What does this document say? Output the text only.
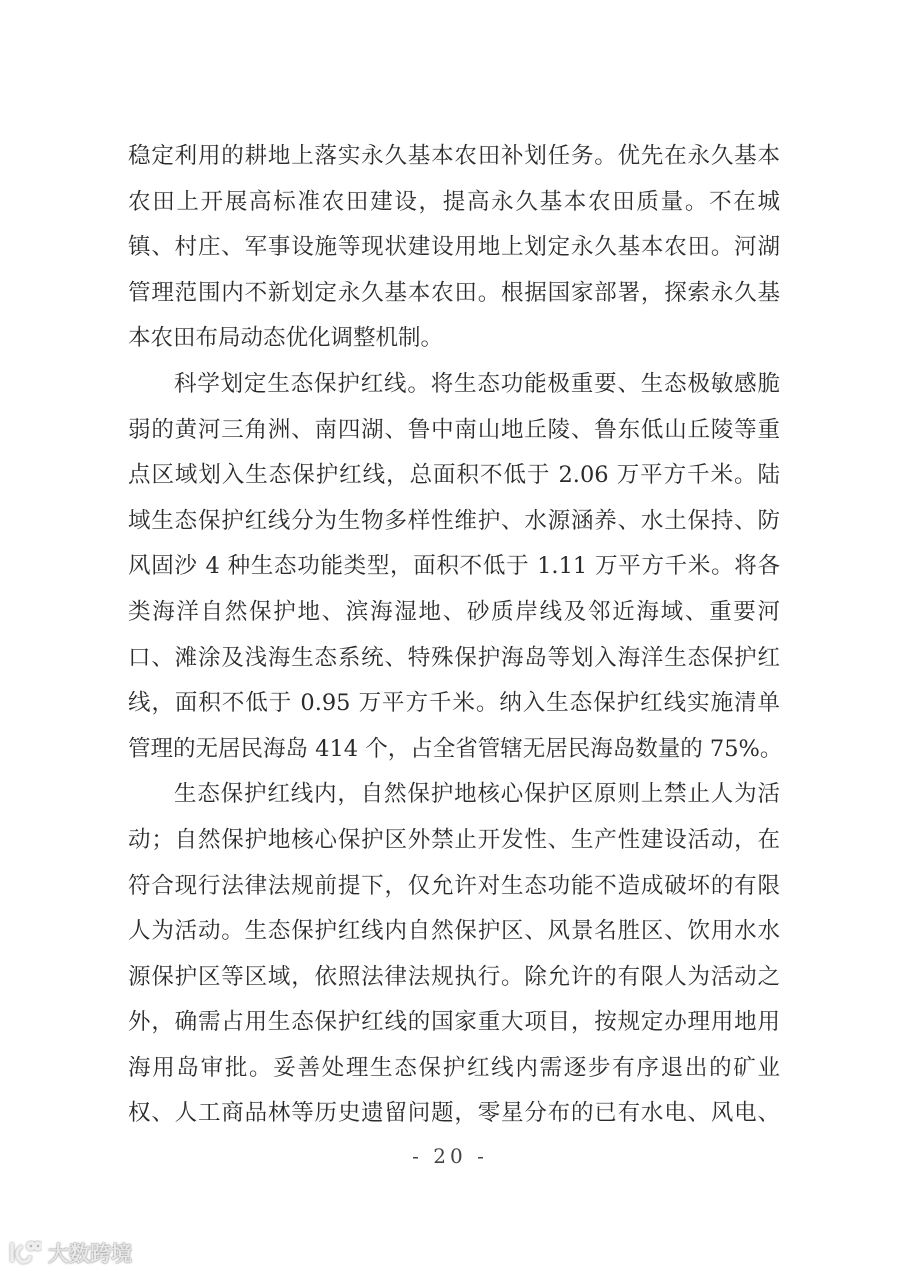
稳定利用的耕地上落实永久基本农田补划任务。优先在永久基本
农田上开展高标准农田建设，提高永久基本农田质量。不在城
镇、村庄、军事设施等现状建设用地上划定永久基本农田。河湖
管理范围内不新划定永久基本农田。根据国家部署，探索永久基
本农田布局动态优化调整机制。
科学划定生态保护红线。将生态功能极重要、生态极敏感脆
弱的黄河三角洲、南四湖、鲁中南山地丘陵、鲁东低山丘陵等重
点区域划入生态保护红线，总面积不低于 2.06 万平方千米。陆
域生态保护红线分为生物多样性维护、水源涵养、水土保持、防
风固沙 4 种生态功能类型，面积不低于 1.11 万平方千米。将各
类海洋自然保护地、滨海湿地、砂质岸线及邻近海域、重要河
口、滩涂及浅海生态系统、特殊保护海岛等划入海洋生态保护红
线，面积不低于 0.95 万平方千米。纳入生态保护红线实施清单
管理的无居民海岛 414 个，占全省管辖无居民海岛数量的 75%。
生态保护红线内，自然保护地核心保护区原则上禁止人为活
动；自然保护地核心保护区外禁止开发性、生产性建设活动，在
符合现行法律法规前提下，仅允许对生态功能不造成破坏的有限
人为活动。生态保护红线内自然保护区、风景名胜区、饮用水水
源保护区等区域，依照法律法规执行。除允许的有限人为活动之
外，确需占用生态保护红线的国家重大项目，按规定办理用地用
海用岛审批。妥善处理生态保护红线内需逐步有序退出的矿业
权、人工商品林等历史遗留问题，零星分布的已有水电、风电、
- 20 -
大数跨境
